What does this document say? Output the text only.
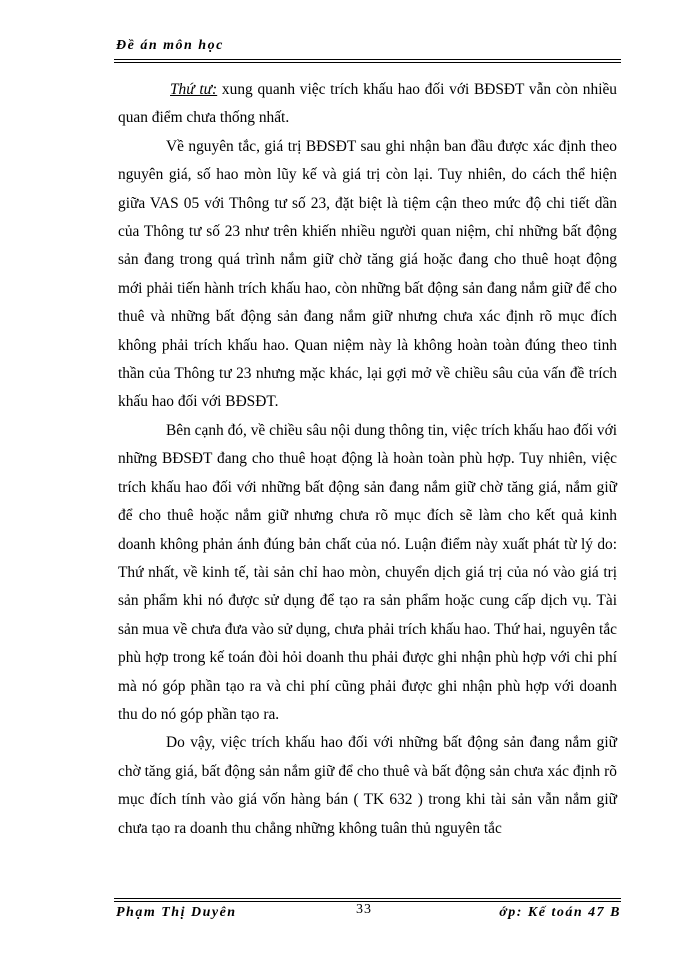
Đề án môn học

Thứ tư: xung quanh việc trích khấu hao đối với BĐSĐT vẫn còn nhiều quan điểm chưa thống nhất.

Về nguyên tắc, giá trị BĐSĐT sau ghi nhận ban đầu được xác định theo nguyên giá, số hao mòn lũy kế và giá trị còn lại. Tuy nhiên, do cách thể hiện giữa VAS 05 với Thông tư số 23, đặt biệt là tiệm cận theo mức độ chi tiết dần của Thông tư số 23 như trên khiến nhiều người quan niệm, chỉ những bất động sản đang trong quá trình nắm giữ chờ tăng giá hoặc đang cho thuê hoạt động mới phải tiến hành trích khấu hao, còn những bất động sản đang nắm giữ để cho thuê và những bất động sản đang nắm giữ nhưng chưa xác định rõ mục đích không phải trích khấu hao. Quan niệm này là không hoàn toàn đúng theo tinh thần của Thông tư 23 nhưng mặc khác, lại gợi mở về chiều sâu của vấn đề trích khấu hao đối với BĐSĐT.

Bên cạnh đó, về chiều sâu nội dung thông tin, việc trích khấu hao đối với những BĐSĐT đang cho thuê hoạt động là hoàn toàn phù hợp. Tuy nhiên, việc trích khấu hao đối với những bất động sản đang nắm giữ chờ tăng giá, nắm giữ để cho thuê hoặc nắm giữ nhưng chưa rõ mục đích sẽ làm cho kết quả kinh doanh không phản ánh đúng bản chất của nó. Luận điểm này xuất phát từ lý do: Thứ nhất, về kinh tế, tài sản chỉ hao mòn, chuyển dịch giá trị của nó vào giá trị sản phẩm khi nó được sử dụng để tạo ra sản phẩm hoặc cung cấp dịch vụ. Tài sản mua về chưa đưa vào sử dụng, chưa phải trích khấu hao. Thứ hai, nguyên tắc phù hợp trong kế toán đòi hỏi doanh thu phải được ghi nhận phù hợp với chi phí mà nó góp phần tạo ra và chi phí cũng phải được ghi nhận phù hợp với doanh thu do nó góp phần tạo ra.

Do vậy, việc trích khấu hao đối với những bất động sản đang nắm giữ chờ tăng giá, bất động sản nắm giữ để cho thuê và bất động sản chưa xác định rõ mục đích tính vào giá vốn hàng bán ( TK 632 ) trong khi tài sản vẫn nắm giữ chưa tạo ra doanh thu chẳng những không tuân thủ nguyên tắc

Phạm Thị Duyên	33	ớp: Kế toán 47 B
